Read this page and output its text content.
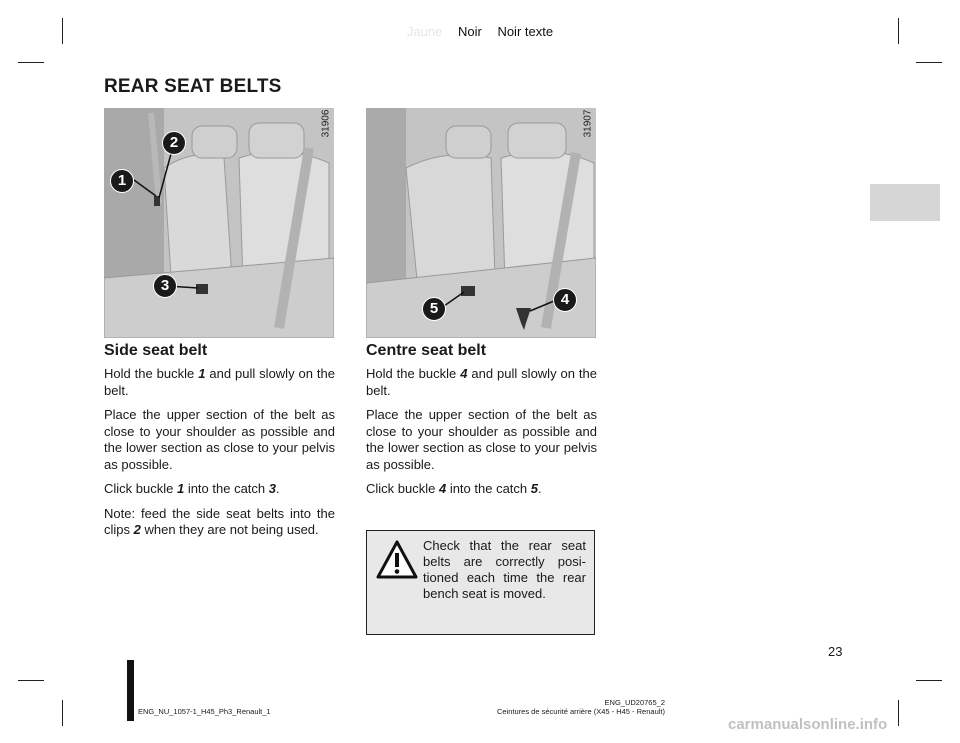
Jaune Noir Noir texte
REAR SEAT BELTS
1
2
3
31906
4
5
31907
Side seat belt

Hold the buckle 1 and pull slowly on the belt.

Place the upper section of the belt as close to your shoulder as possible and the lower section as close to your pelvis as possible.

Click buckle 1 into the catch 3.

Note: feed the side seat belts into the clips 2 when they are not being used.

Centre seat belt

Hold the buckle 4 and pull slowly on the belt.

Place the upper section of the belt as close to your shoulder as possible and the lower section as close to your pelvis as possible.

Click buckle 4 into the catch 5.

Check that the rear seat belts are correctly posi-tioned each time the rear bench seat is moved.
23
ENG_NU_1057-1_H45_Ph3_Renault_1
ENG_UD20765_2
Ceintures de sécurité arrière (X45 - H45 - Renault)
carmanualsonline.info
